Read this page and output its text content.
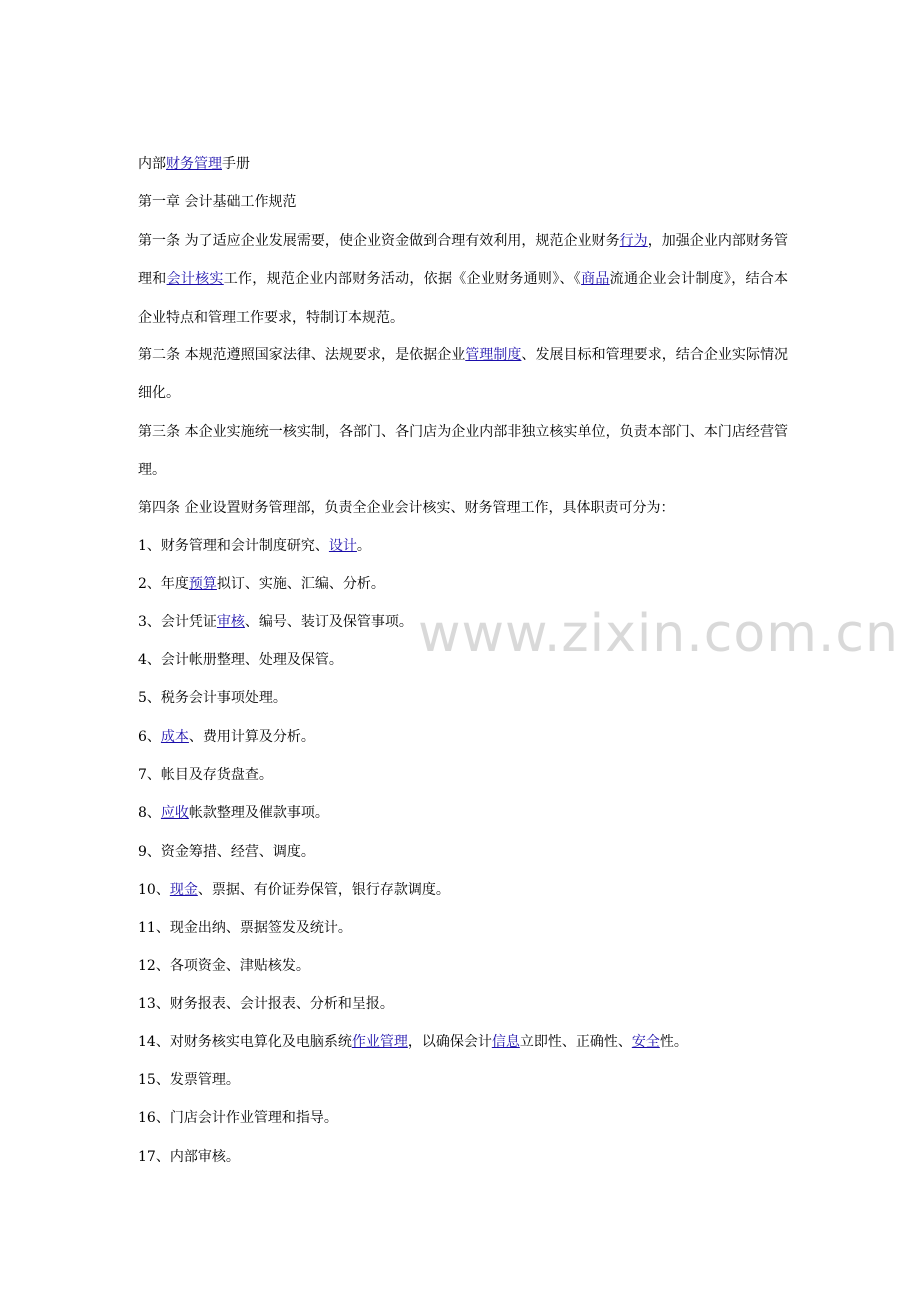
内部财务管理手册
第一章 会计基础工作规范
第一条 为了适应企业发展需要，使企业资金做到合理有效利用，规范企业财务行为，加强企业内部财务管理和会计核实工作，规范企业内部财务活动，依据《企业财务通则》、《商品流通企业会计制度》，结合本企业特点和管理工作要求，特制订本规范。
第二条 本规范遵照国家法律、法规要求，是依据企业管理制度、发展目标和管理要求，结合企业实际情况细化。
第三条 本企业实施统一核实制，各部门、各门店为企业内部非独立核实单位，负责本部门、本门店经营管理。
第四条 企业设置财务管理部，负责全企业会计核实、财务管理工作，具体职责可分为：
1、财务管理和会计制度研究、设计。
2、年度预算拟订、实施、汇编、分析。
3、会计凭证审核、编号、装订及保管事项。
4、会计帐册整理、处理及保管。
5、税务会计事项处理。
6、成本、费用计算及分析。
7、帐目及存货盘查。
8、应收帐款整理及催款事项。
9、资金筹措、经营、调度。
10、现金、票据、有价证券保管，银行存款调度。
11、现金出纳、票据签发及统计。
12、各项资金、津贴核发。
13、财务报表、会计报表、分析和呈报。
14、对财务核实电算化及电脑系统作业管理，以确保会计信息立即性、正确性、安全性。
15、发票管理。
16、门店会计作业管理和指导。
17、内部审核。
www.zixin.com.cn
